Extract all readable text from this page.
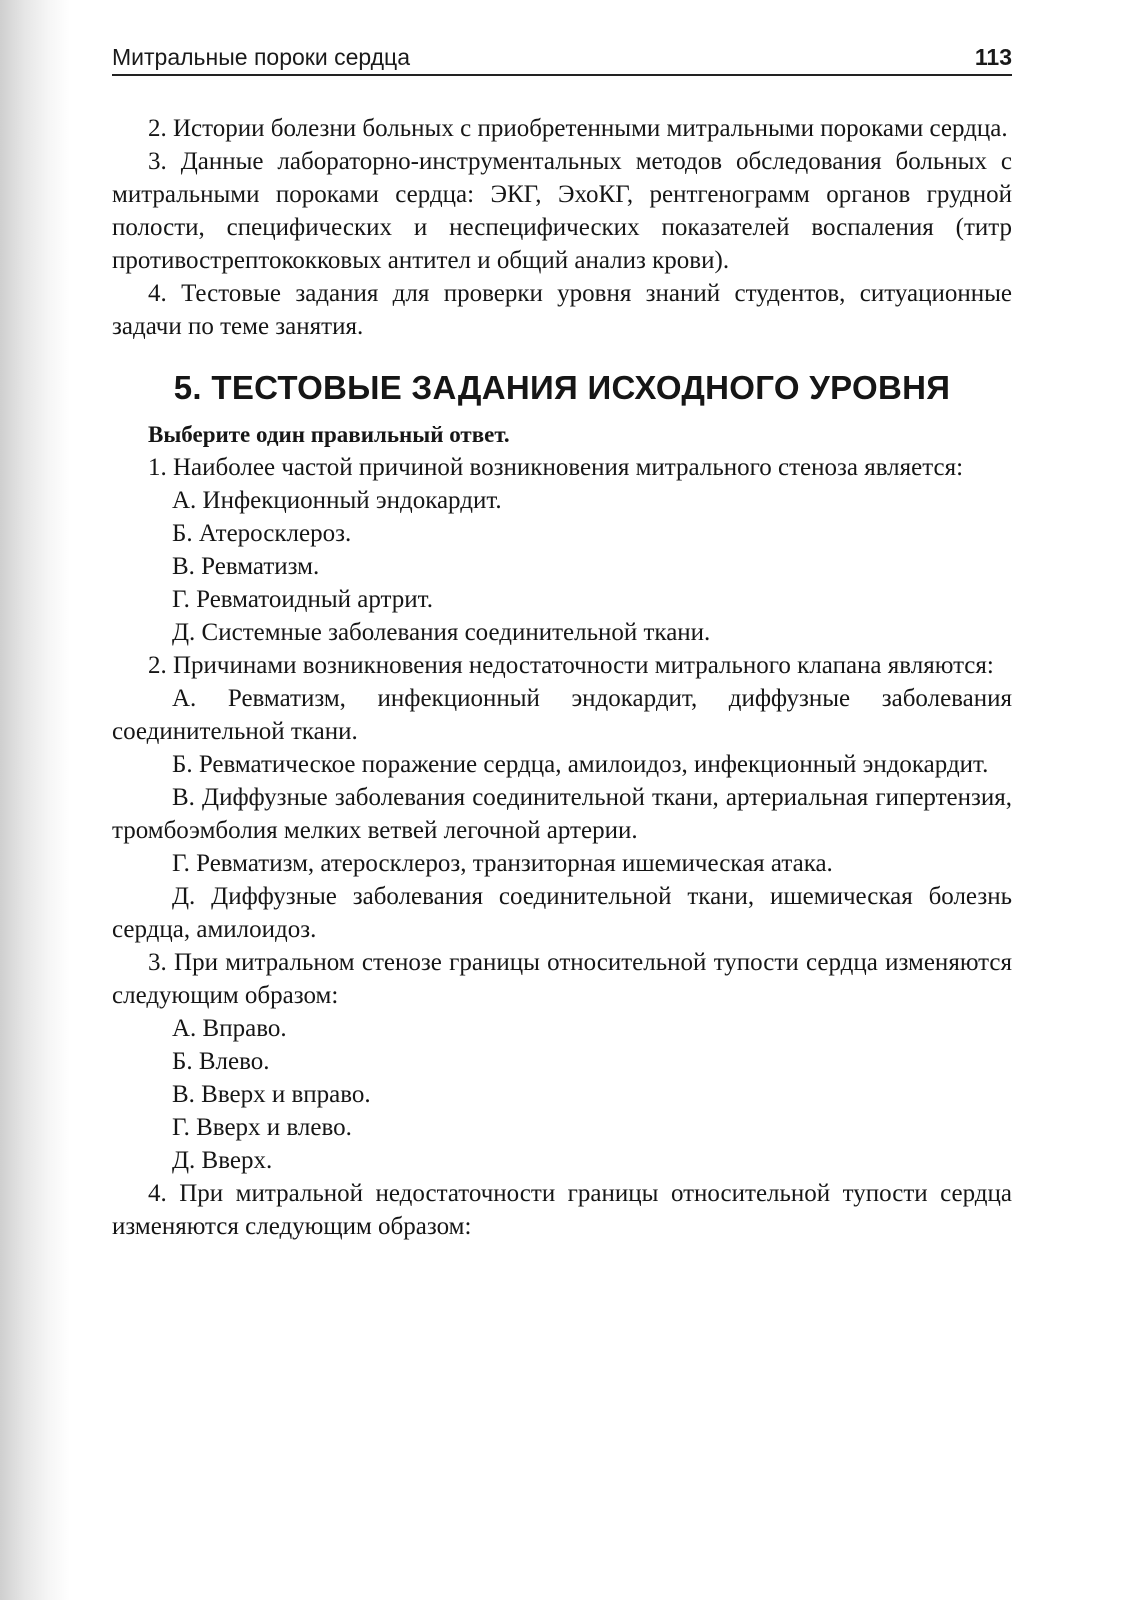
Митральные пороки сердца	113

2. Истории болезни больных с приобретенными митральными пороками сердца.

3. Данные лабораторно-инструментальных методов обследования больных с митральными пороками сердца: ЭКГ, ЭхоКГ, рентгенограмм органов грудной полости, специфических и неспецифических показателей воспаления (титр противострептококковых антител и общий анализ крови).

4. Тестовые задания для проверки уровня знаний студентов, ситуационные задачи по теме занятия.

5. ТЕСТОВЫЕ ЗАДАНИЯ ИСХОДНОГО УРОВНЯ

Выберите один правильный ответ.

1. Наиболее частой причиной возникновения митрального стеноза является:

А. Инфекционный эндокардит.

Б. Атеросклероз.

В. Ревматизм.

Г. Ревматоидный артрит.

Д. Системные заболевания соединительной ткани.

2. Причинами возникновения недостаточности митрального клапана являются:

А. Ревматизм, инфекционный эндокардит, диффузные заболевания соединительной ткани.

Б. Ревматическое поражение сердца, амилоидоз, инфекционный эндокардит.

В. Диффузные заболевания соединительной ткани, артериальная гипертензия, тромбоэмболия мелких ветвей легочной артерии.

Г. Ревматизм, атеросклероз, транзиторная ишемическая атака.

Д. Диффузные заболевания соединительной ткани, ишемическая болезнь сердца, амилоидоз.

3. При митральном стенозе границы относительной тупости сердца изменяются следующим образом:

А. Вправо.

Б. Влево.

В. Вверх и вправо.

Г. Вверх и влево.

Д. Вверх.

4. При митральной недостаточности границы относительной тупости сердца изменяются следующим образом:
